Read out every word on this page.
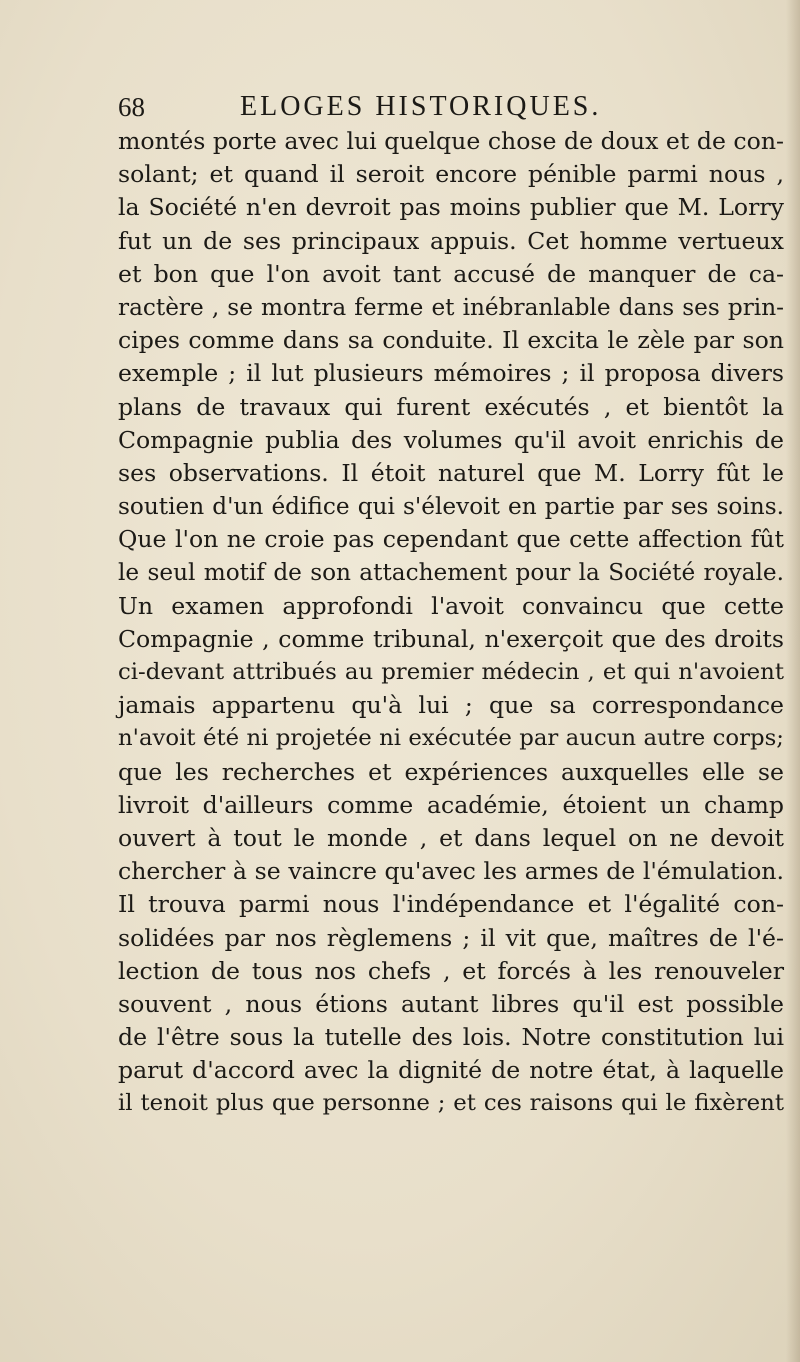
68	ELOGES HISTORIQUES.
montés porte avec lui quelque chose de doux et de con-
solant; et quand il seroit encore pénible parmi nous ,
la Société n'en devroit pas moins publier que M. Lorry
fut un de ses principaux appuis. Cet homme vertueux
et bon que l'on avoit tant accusé de manquer de ca-
ractère , se montra ferme et inébranlable dans ses prin-
cipes comme dans sa conduite. Il excita le zèle par son
exemple ; il lut plusieurs mémoires ; il proposa divers
plans de travaux qui furent exécutés , et bientôt la
Compagnie publia des volumes qu'il avoit enrichis de
ses observations. Il étoit naturel que M. Lorry fût le
soutien d'un édifice qui s'élevoit en partie par ses soins.
Que l'on ne croie pas cependant que cette affection fût
le seul motif de son attachement pour la Société royale.
Un examen approfondi l'avoit convaincu que cette
Compagnie , comme tribunal, n'exerçoit que des droits
ci-devant attribués au premier médecin , et qui n'avoient
jamais appartenu qu'à lui ; que sa correspondance
n'avoit été ni projetée ni exécutée par aucun autre corps;
que les recherches et expériences auxquelles elle se
livroit d'ailleurs comme académie, étoient un champ
ouvert à tout le monde , et dans lequel on ne devoit
chercher à se vaincre qu'avec les armes de l'émulation.
Il trouva parmi nous l'indépendance et l'égalité con-
solidées par nos règlemens ; il vit que, maîtres de l'é-
lection de tous nos chefs , et forcés à les renouveler
souvent , nous étions autant libres qu'il est possible
de l'être sous la tutelle des lois. Notre constitution lui
parut d'accord avec la dignité de notre état, à laquelle
il tenoit plus que personne ; et ces raisons qui le fixèrent
